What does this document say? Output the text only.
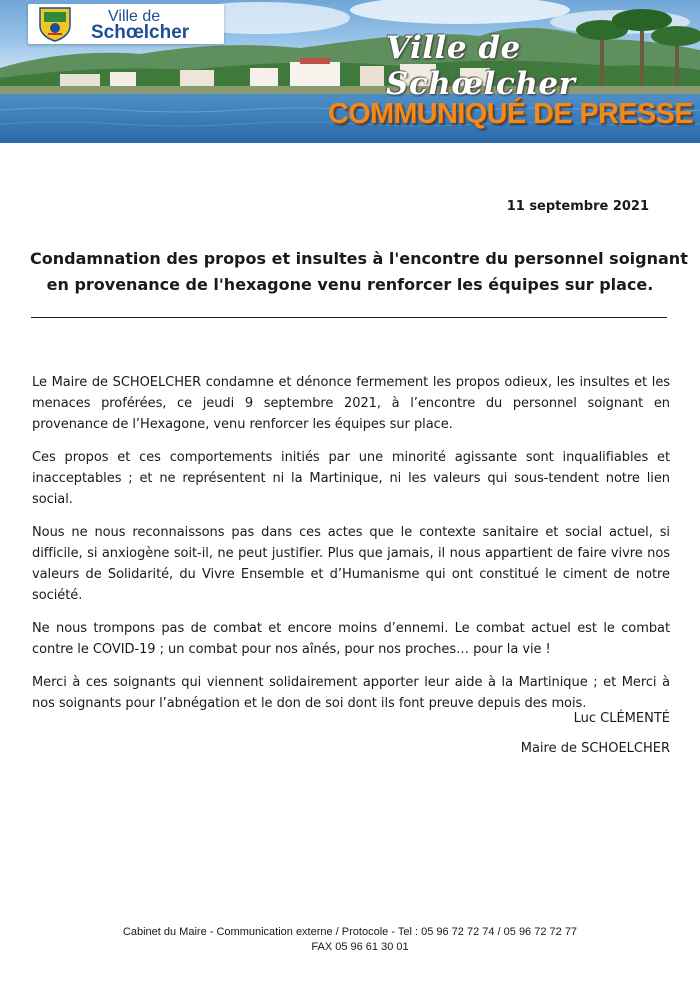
Ville de
Schœlcher	Ville de Schœlcher
COMMUNIQUÉ DE PRESSE
11 septembre 2021
Condamnation des propos et insultes à l'encontre du personnel soignant
en provenance de l'hexagone venu renforcer les équipes sur place.

Le Maire de SCHOELCHER condamne et dénonce fermement les propos odieux, les insultes et les menaces proférées, ce jeudi 9 septembre 2021, à l’encontre du personnel soignant en provenance de l’Hexagone, venu renforcer les équipes sur place.

Ces propos et ces comportements initiés par une minorité agissante sont inqualifiables et inacceptables ; et ne représentent ni la Martinique, ni les valeurs qui sous-tendent notre lien social.

Nous ne nous reconnaissons pas dans ces actes que le contexte sanitaire et social actuel, si difficile, si anxiogène soit-il, ne peut justifier. Plus que jamais, il nous appartient de faire vivre nos valeurs de Solidarité, du Vivre Ensemble et d’Humanisme qui ont constitué le ciment de notre société.

Ne nous trompons pas de combat et encore moins d’ennemi. Le combat actuel est le combat contre le COVID-19 ; un combat pour nos aînés, pour nos proches… pour la vie !

Merci à ces soignants qui viennent solidairement apporter leur aide à la Martinique ; et Merci à nos soignants pour l’abnégation et le don de soi dont ils font preuve depuis des mois.

Luc CLÉMENTÉ
Maire de SCHOELCHER
Cabinet du Maire - Communication externe / Protocole - Tel : 05 96 72 72 74 / 05 96 72 72 77
FAX 05 96 61 30 01
